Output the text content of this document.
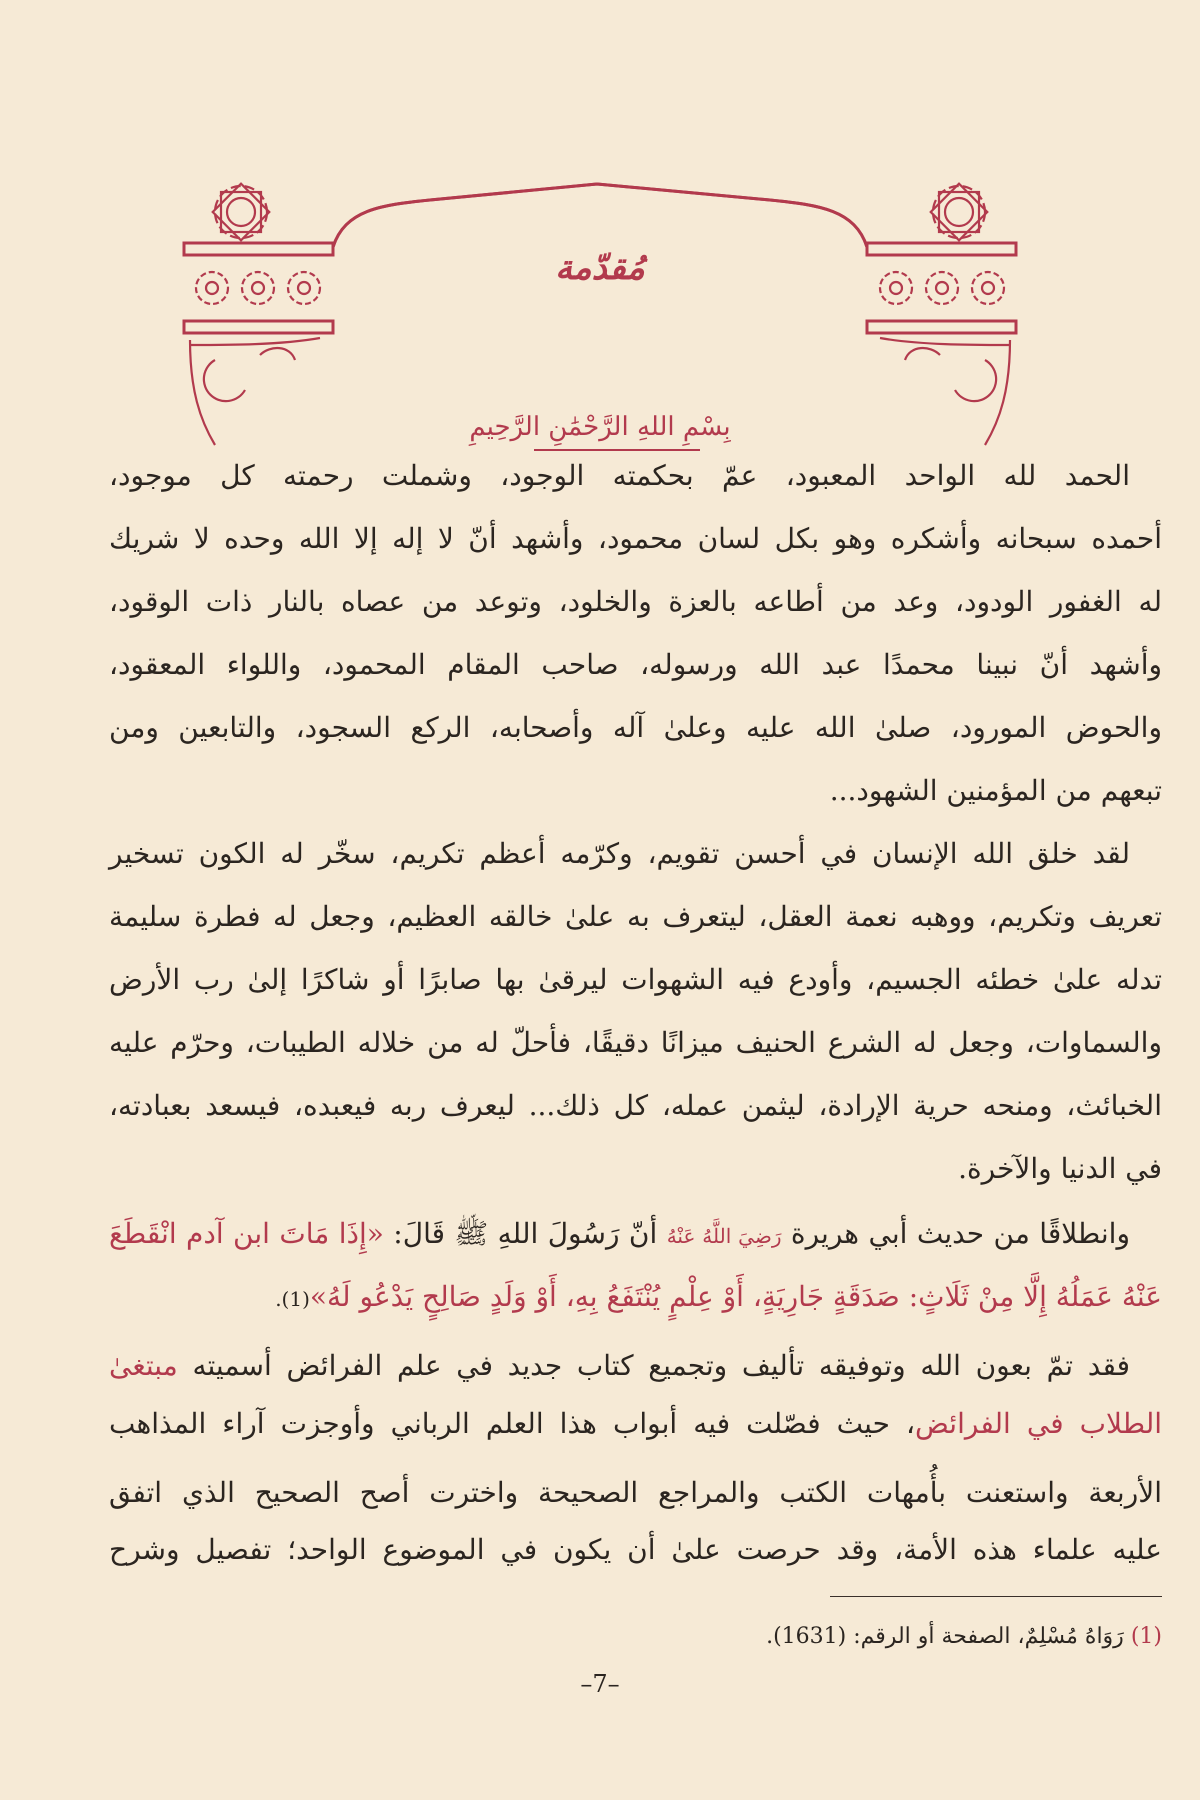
مُقدّمة
بِسْمِ اللهِ الرَّحْمَٰنِ الرَّحِيمِ
الحمد لله الواحد المعبود، عمّ بحكمته الوجود، وشملت رحمته كل موجود،
أحمده سبحانه وأشكره وهو بكل لسان محمود، وأشهد أنّ لا إله إلا الله وحده لا شريك
له الغفور الودود، وعد من أطاعه بالعزة والخلود، وتوعد من عصاه بالنار ذات الوقود،
وأشهد أنّ نبينا محمدًا عبد الله ورسوله، صاحب المقام المحمود، واللواء المعقود،
والحوض المورود، صلىٰ الله عليه وعلىٰ آله وأصحابه، الركع السجود، والتابعين ومن
تبعهم من المؤمنين الشهود...
لقد خلق الله الإنسان في أحسن تقويم، وكرّمه أعظم تكريم، سخّر له الكون تسخير
تعريف وتكريم، ووهبه نعمة العقل، ليتعرف به علىٰ خالقه العظيم، وجعل له فطرة سليمة
تدله علىٰ خطئه الجسيم، وأودع فيه الشهوات ليرقىٰ بها صابرًا أو شاكرًا إلىٰ رب الأرض
والسماوات، وجعل له الشرع الحنيف ميزانًا دقيقًا، فأحلّ له من خلاله الطيبات، وحرّم عليه
الخبائث، ومنحه حرية الإرادة، ليثمن عمله، كل ذلك... ليعرف ربه فيعبده، فيسعد بعبادته،
في الدنيا والآخرة.
وانطلاقًا من حديث أبي هريرة رَضِيَ اللَّهُ عَنْهُ أنّ رَسُولَ اللهِ ﷺ قَالَ: «إِذَا مَاتَ ابن آدم انْقَطَعَ
عَنْهُ عَمَلُهُ إِلَّا مِنْ ثَلَاثٍ: صَدَقَةٍ جَارِيَةٍ، أَوْ عِلْمٍ يُنْتَفَعُ بِهِ، أَوْ وَلَدٍ صَالِحٍ يَدْعُو لَهُ»(1).
فقد تمّ بعون الله وتوفيقه تأليف وتجميع كتاب جديد في علم الفرائض أسميته مبتغىٰ
الطلاب في الفرائض، حيث فصّلت فيه أبواب هذا العلم الرباني وأوجزت آراء المذاهب
الأربعة واستعنت بأُمهات الكتب والمراجع الصحيحة واخترت أصح الصحيح الذي اتفق
عليه علماء هذه الأمة، وقد حرصت علىٰ أن يكون في الموضوع الواحد؛ تفصيل وشرح
(1) رَوَاهُ مُسْلِمٌ، الصفحة أو الرقم: (1631).
–7–
